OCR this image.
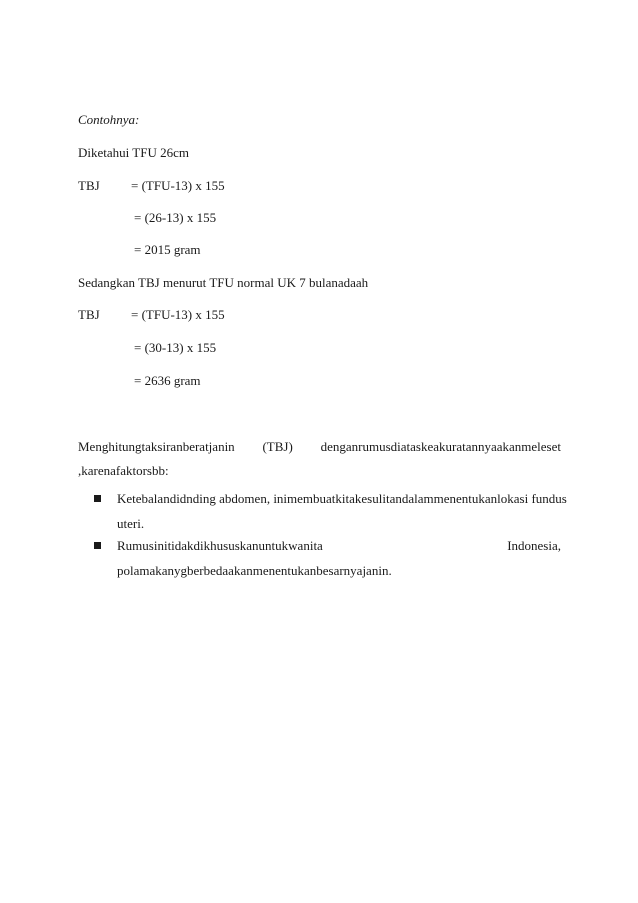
Contohnya:
Diketahui TFU 26cm
TBJ = (TFU-13) x 155
= (26-13) x 155
= 2015 gram
Sedangkan TBJ menurut TFU normal UK 7 bulanadaah
TBJ = (TFU-13) x 155
= (30-13) x 155
= 2636 gram
Menghitungtaksiranberatjanin (TBJ) denganrumusdiataskeakuratannyaakanmeleset
,karenafaktorsbb:
Ketebalandidnding abdomen, inimembuatkitakesulitandalammenentukanlokasi fundus
uteri.
Rumusinitidakdikhususkanuntukwanita	Indonesia,
polamakanygberbedaakanmenentukanbesarnyajanin.
